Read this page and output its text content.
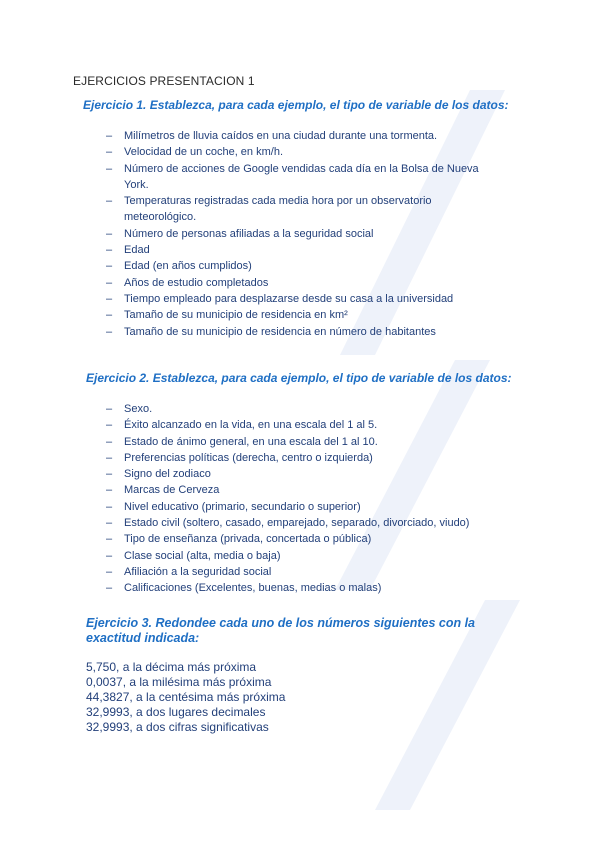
EJERCICIOS PRESENTACION 1
Ejercicio 1. Establezca, para cada ejemplo, el tipo de variable de los datos:
– Milímetros de lluvia caídos en una ciudad durante una tormenta.
– Velocidad de un coche, en km/h.
– Número de acciones de Google vendidas cada día en la Bolsa de Nueva York.
– Temperaturas registradas cada media hora por un observatorio meteorológico.
– Número de personas afiliadas a la seguridad social
– Edad
– Edad (en años cumplidos)
– Años de estudio completados
– Tiempo empleado para desplazarse desde su casa a la universidad
– Tamaño de su municipio de residencia en km²
– Tamaño de su municipio de residencia en número de habitantes
Ejercicio 2. Establezca, para cada ejemplo, el tipo de variable de los datos:
– Sexo.
– Éxito alcanzado en la vida, en una escala del 1 al 5.
– Estado de ánimo general, en una escala del 1 al 10.
– Preferencias políticas (derecha, centro o izquierda)
– Signo del zodiaco
– Marcas de Cerveza
– Nivel educativo (primario, secundario o superior)
– Estado civil (soltero, casado, emparejado, separado, divorciado, viudo)
– Tipo de enseñanza (privada, concertada o pública)
– Clase social (alta, media o baja)
– Afiliación a la seguridad social
– Calificaciones (Excelentes, buenas, medias o malas)
Ejercicio 3. Redondee cada uno de los números siguientes con la exactitud indicada:
5,750, a la décima más próxima
0,0037, a la milésima más próxima
44,3827, a la centésima más próxima
32,9993, a dos lugares decimales
32,9993, a dos cifras significativas
